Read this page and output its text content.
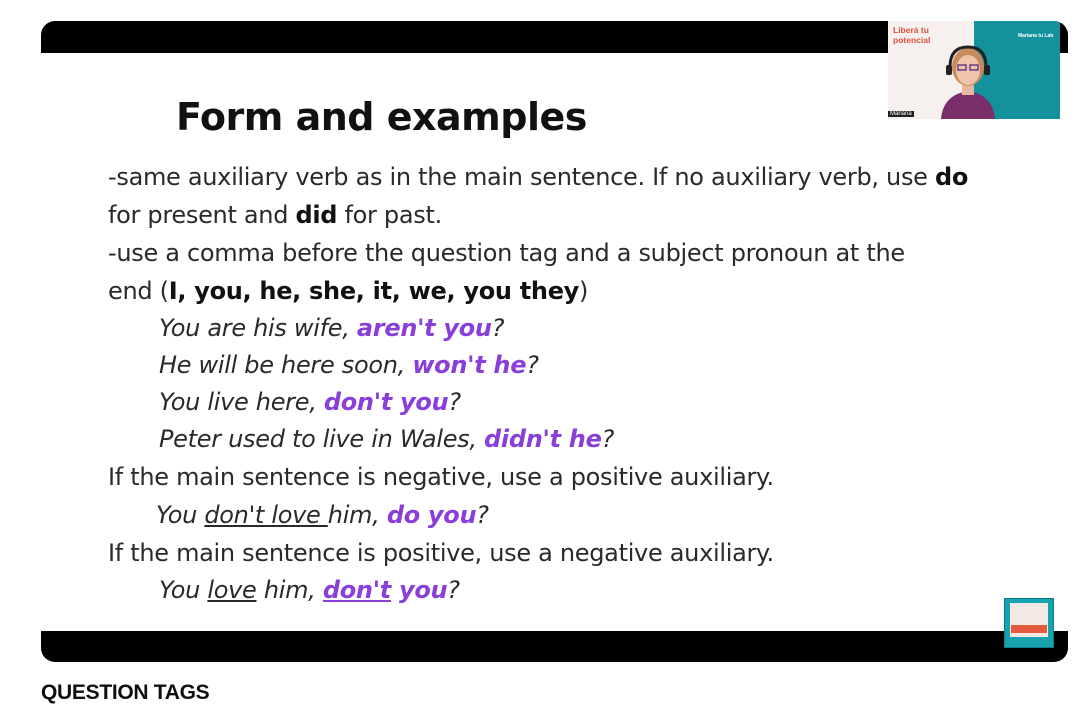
Form and examples
-same auxiliary verb as in the main sentence. If no auxiliary verb, use do
for present and did for past.
-use a comma before the question tag and a subject pronoun at the
end (I, you, he, she, it, we, you they)
You are his wife, aren't you?
He will be here soon, won't he?
You live here, don't you?
Peter used to live in Wales, didn't he?
If the main sentence is negative, use a positive auxiliary.
You don't love him, do you?
If the main sentence is positive, use a negative auxiliary.
You love him, don't you?
Liberá tu
potencial	Mariana tu Lab
Mariana
QUESTION TAGS
